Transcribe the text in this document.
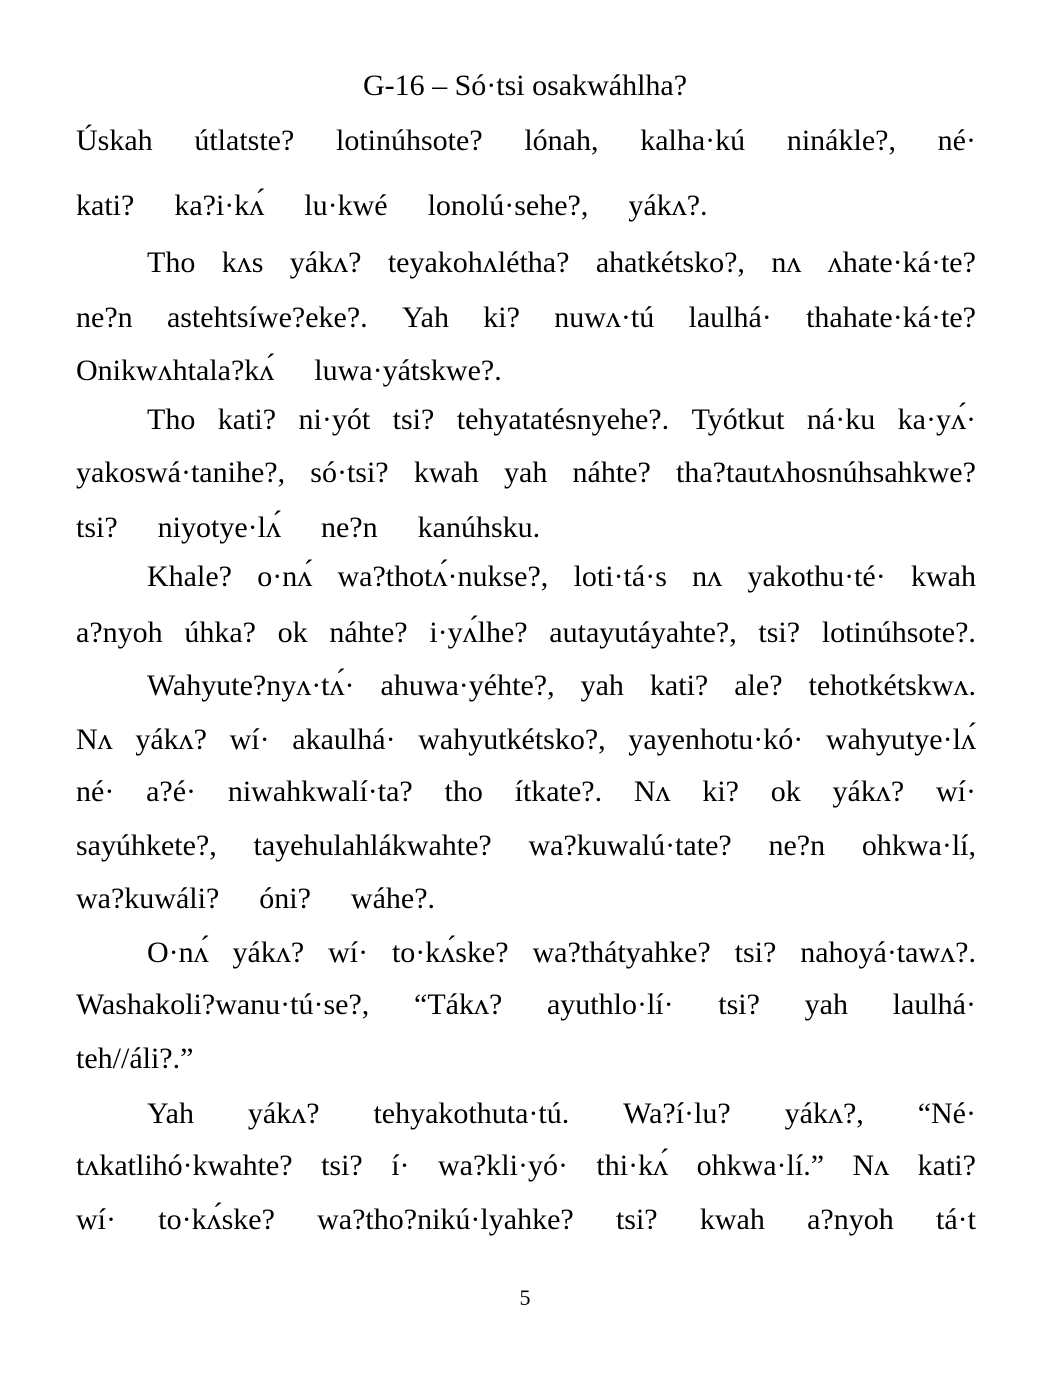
G-16 – Só·tsi osakwáhlha?
Úskah útlatste? lotinúhsote? lónah, kalha·kú ninákle?, né·
kati? ka?i·kʌ́ lu·kwé lonolú·sehe?, yákʌ?.
Tho kʌs yákʌ? teyakohʌlétha? ahatkétsko?, nʌ ʌhate·ká·te?
ne?n astehtsíwe?eke?. Yah ki? nuwʌ·tú laulhá· thahate·ká·te?
Onikwʌhtala?kʌ́ luwa·yátskwe?.
Tho kati? ni·yót tsi? tehyatatésnyehe?. Tyótkut ná·ku ka·yʌ́·
yakoswá·tanihe?, só·tsi? kwah yah náhte? tha?tautʌhosnúhsahkwe?
tsi? niyotye·lʌ́ ne?n kanúhsku.
Khale? o·nʌ́ wa?thotʌ́·nukse?, loti·tá·s nʌ yakothu·té· kwah
a?nyoh úhka? ok náhte? i·yʌ́lhe? autayutáyahte?, tsi? lotinúhsote?.
Wahyute?nyʌ·tʌ́· ahuwa·yéhte?, yah kati? ale? tehotkétskwʌ.
Nʌ yákʌ? wí· akaulhá· wahyutkétsko?, yayenhotu·kó· wahyutye·lʌ́
né· a?é· niwahkwalí·ta? tho ítkate?. Nʌ ki? ok yákʌ? wí·
sayúhkete?, tayehulahlákwahte? wa?kuwalú·tate? ne?n ohkwa·lí,
wa?kuwáli? óni? wáhe?.
O·nʌ́ yákʌ? wí· to·kʌ́ske? wa?thátyahke? tsi? nahoyá·tawʌ?.
Washakoli?wanu·tú·se?, “Tákʌ? ayuthlo·lí· tsi? yah laulhá·
teh//áli?.”
Yah yákʌ? tehyakothuta·tú. Wa?í·lu? yákʌ?, “Né·
tʌkatlihó·kwahte? tsi? í· wa?kli·yó· thi·kʌ́ ohkwa·lí.” Nʌ kati?
wí· to·kʌ́ske? wa?tho?nikú·lyahke? tsi? kwah a?nyoh tá·t
5
